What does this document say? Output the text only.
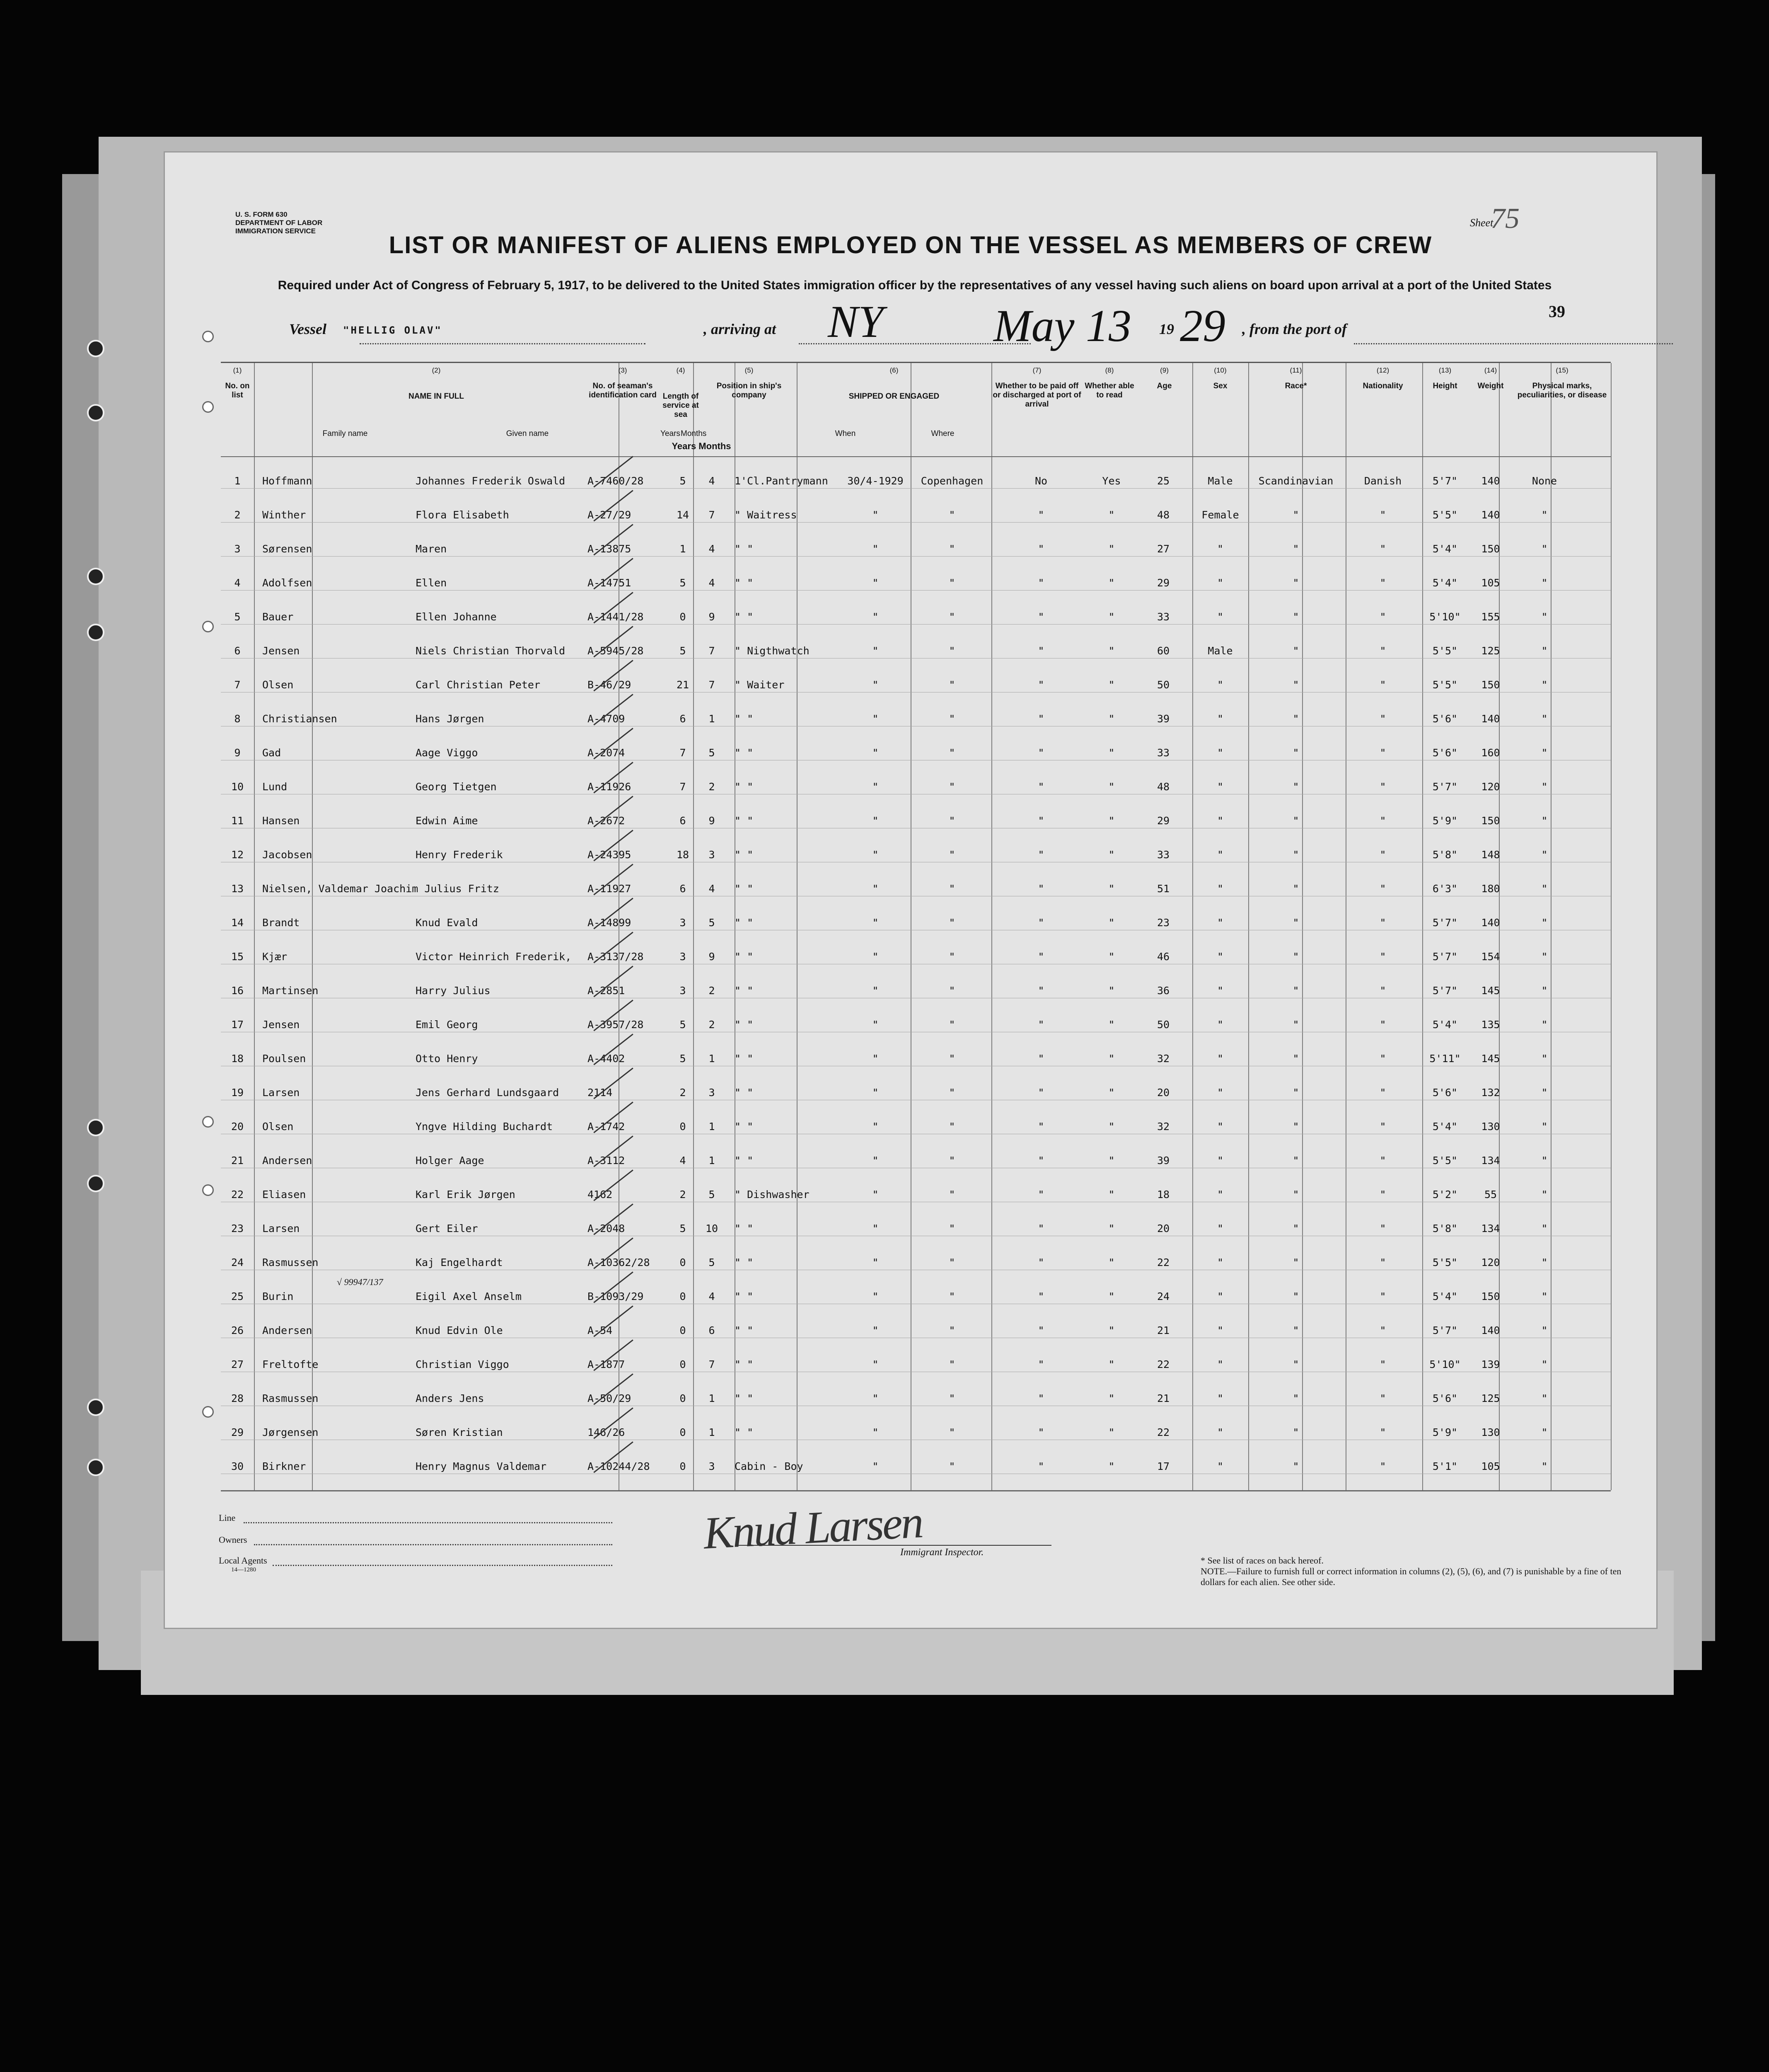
U. S. FORM 630
DEPARTMENT OF LABOR
IMMIGRATION SERVICE
LIST OR MANIFEST OF ALIENS EMPLOYED ON THE VESSEL AS MEMBERS OF CREW
Sheet
75
Required under Act of Congress of February 5, 1917, to be delivered to the United States immigration officer by the representatives of any vessel having such aliens on board upon arrival at a port of the United States
39
Vessel "HELLIG OLAV"	, arriving at NY May 13 19 29 , from the port of
(1)
No. on list
(2)
NAME IN FULL
Family name	Given name
(3)
No. of seaman's identification card
(4)
Length of service at sea
Years Months
(5)
Position in ship's company
(6)
SHIPPED OR ENGAGED
When	Where
(7)
Whether to be paid off or discharged at port of arrival
(8)
Whether able to read
(9)
Age
(10)
Sex
(11)
Race*
(12)
Nationality
(13)
Height
(14)
Weight
(15)
Physical marks, peculiarities, or disease
Years Months
1	Hoffmann	Johannes Frederik Oswald	A-7460/28	5	4	1'Cl.Pantrymann	30/4-1929	Copenhagen	No	Yes	25	Male	Scandinavian	Danish	5'7"	140	None
2	Winther	Flora Elisabeth	A-27/29	14	7	" Waitress	"	"	"	"	48	Female	"	"	5'5"	140	"
3	Sørensen	Maren	A-13875	1	4	" "	"	"	"	"	27	"	"	"	5'4"	150	"
4	Adolfsen	Ellen	A-14751	5	4	" "	"	"	"	"	29	"	"	"	5'4"	105	"
5	Bauer	Ellen Johanne	A-1441/28	0	9	" "	"	"	"	"	33	"	"	"	5'10"	155	"
6	Jensen	Niels Christian Thorvald	A-5945/28	5	7	" Nigthwatch	"	"	"	"	60	Male	"	"	5'5"	125	"
7	Olsen	Carl Christian Peter	B-46/29	21	7	" Waiter	"	"	"	"	50	"	"	"	5'5"	150	"
8	Christiansen	Hans Jørgen	A-4709	6	1	" "	"	"	"	"	39	"	"	"	5'6"	140	"
9	Gad	Aage Viggo	A-2074	7	5	" "	"	"	"	"	33	"	"	"	5'6"	160	"
10	Lund	Georg Tietgen	A-11926	7	2	" "	"	"	"	"	48	"	"	"	5'7"	120	"
11	Hansen	Edwin Aime	A-2672	6	9	" "	"	"	"	"	29	"	"	"	5'9"	150	"
12	Jacobsen	Henry Frederik	A-24395	18	3	" "	"	"	"	"	33	"	"	"	5'8"	148	"
13	Nielsen, Valdemar Joachim Julius Fritz	A-11927	6	4	" "	"	"	"	"	51	"	"	"	6'3"	180	"
14	Brandt	Knud Evald	A-14899	3	5	" "	"	"	"	"	23	"	"	"	5'7"	140	"
15	Kjær	Victor Heinrich Frederik,	A-3137/28	3	9	" "	"	"	"	"	46	"	"	"	5'7"	154	"
16	Martinsen	Harry Julius	A-2851	3	2	" "	"	"	"	"	36	"	"	"	5'7"	145	"
17	Jensen	Emil Georg	A-3957/28	5	2	" "	"	"	"	"	50	"	"	"	5'4"	135	"
18	Poulsen	Otto Henry	A-4402	5	1	" "	"	"	"	"	32	"	"	"	5'11"	145	"
19	Larsen	Jens Gerhard Lundsgaard	2114	2	3	" "	"	"	"	"	20	"	"	"	5'6"	132	"
20	Olsen	Yngve Hilding Buchardt	A-1742	0	1	" "	"	"	"	"	32	"	"	"	5'4"	130	"
21	Andersen	Holger Aage	A-3112	4	1	" "	"	"	"	"	39	"	"	"	5'5"	134	"
22	Eliasen	Karl Erik Jørgen	4162	2	5	" Dishwasher	"	"	"	"	18	"	"	"	5'2"	55	"
23	Larsen	Gert Eiler	A-2048	5	10	" "	"	"	"	"	20	"	"	"	5'8"	134	"
24	Rasmussen	Kaj Engelhardt	A-10362/28	0	5	" "	"	"	"	"	22	"	"	"	5'5"	120	"
25	Burin	Eigil Axel Anselm	B-1093/29	0	4	" "	"	"	"	"	24	"	"	"	5'4"	150	"
√ 99947/137
26	Andersen	Knud Edvin Ole	A-54	0	6	" "	"	"	"	"	21	"	"	"	5'7"	140	"
27	Freltofte	Christian Viggo	A-1877	0	7	" "	"	"	"	"	22	"	"	"	5'10"	139	"
28	Rasmussen	Anders Jens	A-50/29	0	1	" "	"	"	"	"	21	"	"	"	5'6"	125	"
29	Jørgensen	Søren Kristian	146/26	0	1	" "	"	"	"	"	22	"	"	"	5'9"	130	"
30	Birkner	Henry Magnus Valdemar	A-10244/28	0	3	Cabin - Boy	"	"	"	"	17	"	"	"	5'1"	105	"
Line
Owners
Local Agents
14—1280
Knud Larsen
Immigrant Inspector.
* See list of races on back hereof.
NOTE.—Failure to furnish full or correct information in columns (2), (5), (6), and (7) is punishable by a fine of ten dollars for each alien. See other side.
